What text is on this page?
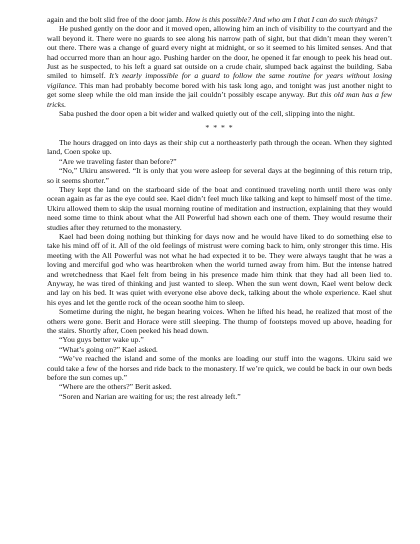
again and the bolt slid free of the door jamb. How is this possible? And who am I that I can do such things?

He pushed gently on the door and it moved open, allowing him an inch of visibility to the courtyard and the wall beyond it. There were no guards to see along his narrow path of sight, but that didn’t mean they weren’t out there. There was a change of guard every night at midnight, or so it seemed to his limited senses. And that had occurred more than an hour ago. Pushing harder on the door, he opened it far enough to peek his head out. Just as he suspected, to his left a guard sat outside on a crude chair, slumped back against the building. Saba smiled to himself. It’s nearly impossible for a guard to follow the same routine for years without losing vigilance. This man had probably become bored with his task long ago, and tonight was just another night to get some sleep while the old man inside the jail couldn’t possibly escape anyway. But this old man has a few tricks.

Saba pushed the door open a bit wider and walked quietly out of the cell, slipping into the night.

* * * *

The hours dragged on into days as their ship cut a northeasterly path through the ocean. When they sighted land, Coen spoke up.

“Are we traveling faster than before?”

“No,” Ukiru answered. “It is only that you were asleep for several days at the beginning of this return trip, so it seems shorter.”

They kept the land on the starboard side of the boat and continued traveling north until there was only ocean again as far as the eye could see. Kael didn’t feel much like talking and kept to himself most of the time. Ukiru allowed them to skip the usual morning routine of meditation and instruction, explaining that they would need some time to think about what the All Powerful had shown each one of them. They would resume their studies after they returned to the monastery.

Kael had been doing nothing but thinking for days now and he would have liked to do something else to take his mind off of it. All of the old feelings of mistrust were coming back to him, only stronger this time. His meeting with the All Powerful was not what he had expected it to be. They were always taught that he was a loving and merciful god who was heartbroken when the world turned away from him. But the intense hatred and wretchedness that Kael felt from being in his presence made him think that they had all been lied to. Anyway, he was tired of thinking and just wanted to sleep. When the sun went down, Kael went below deck and lay on his bed. It was quiet with everyone else above deck, talking about the whole experience. Kael shut his eyes and let the gentle rock of the ocean soothe him to sleep.

Sometime during the night, he began hearing voices. When he lifted his head, he realized that most of the others were gone. Berit and Horace were still sleeping. The thump of footsteps moved up above, heading for the stairs. Shortly after, Coen peeked his head down.

“You guys better wake up.”

“What’s going on?” Kael asked.

“We’ve reached the island and some of the monks are loading our stuff into the wagons. Ukiru said we could take a few of the horses and ride back to the monastery. If we’re quick, we could be back in our own beds before the sun comes up.”

“Where are the others?” Berit asked.

“Soren and Narian are waiting for us; the rest already left.”
